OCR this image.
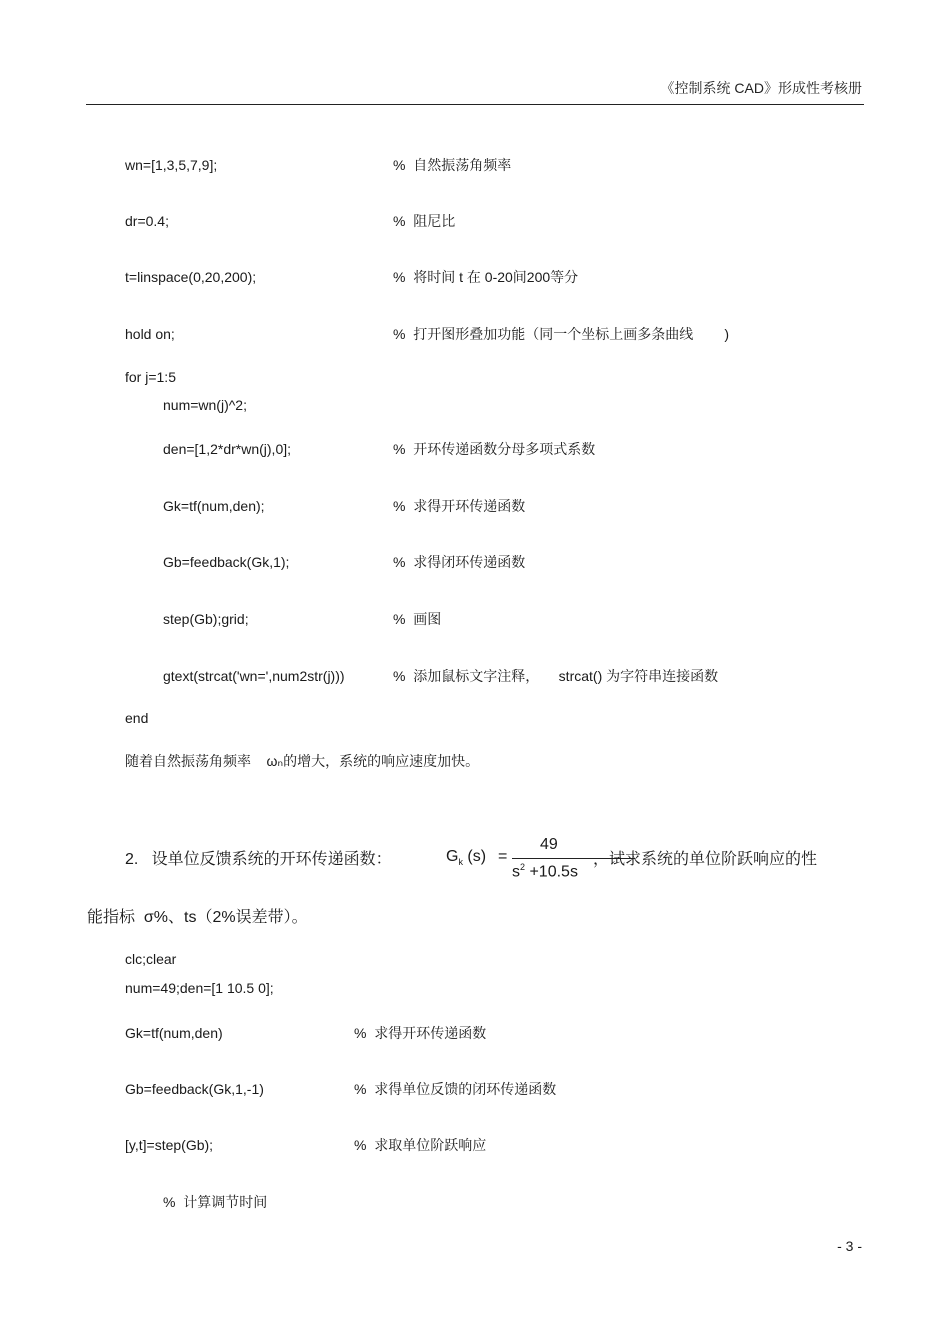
《控制系统 CAD》形成性考核册
wn=[1,3,5,7,9];	%  自然振荡角频率
dr=0.4;	%  阻尼比
t=linspace(0,20,200);	%  将时间 t 在 0-20间200等分
hold on;	%  打开图形叠加功能（同一个坐标上画多条曲线        )
for j=1:5
num=wn(j)^2;
den=[1,2*dr*wn(j),0];	%  开环传递函数分母多项式系数
Gk=tf(num,den);	%  求得开环传递函数
Gb=feedback(Gk,1);	%  求得闭环传递函数
step(Gb);grid;	%  画图
gtext(strcat('wn=',num2str(j)))	%  添加鼠标文字注释，     strcat() 为字符串连接函数
end
随着自然振荡角频率    ωₙ的增大，系统的响应速度加快。
2.   设单位反馈系统的开环传递函数：	$G_k$ (s) =
49
$s^2 +10.5s$
，试求系统的单位阶跃响应的性
能指标  σ%、ts（2%误差带）。
clc;clear
num=49;den=[1 10.5 0];
Gk=tf(num,den)	%  求得开环传递函数
Gb=feedback(Gk,1,-1)	%  求得单位反馈的闭环传递函数
[y,t]=step(Gb);	%  求取单位阶跃响应
%  计算调节时间
- 3 -
